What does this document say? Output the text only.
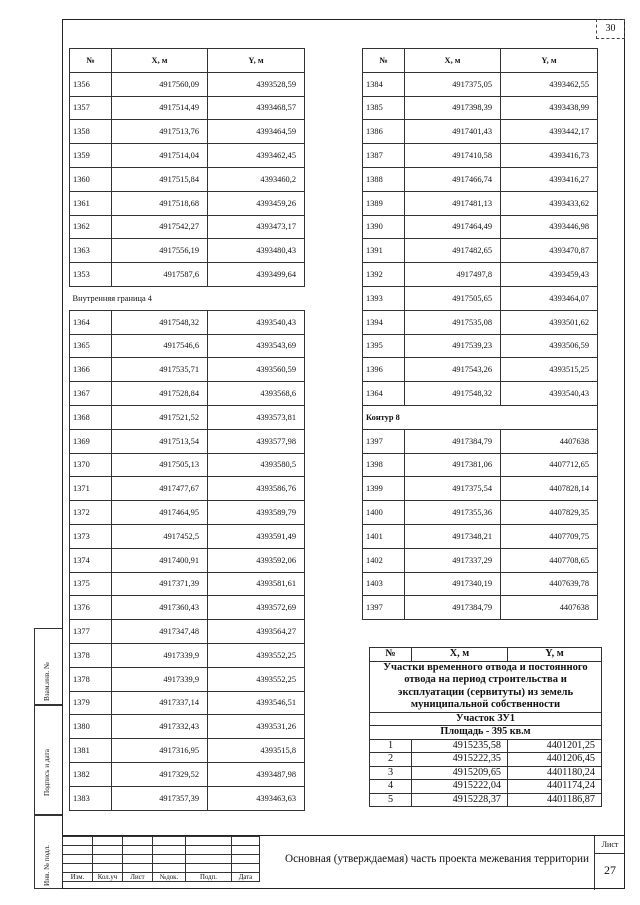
30
№	X, м	Y, м
1356	4917560,09	4393528,59
1357	4917514,49	4393468,57
1358	4917513,76	4393464,59
1359	4917514,04	4393462,45
1360	4917515,84	4393460,2
1361	4917518,68	4393459,26
1362	4917542,27	4393473,17
1363	4917556,19	4393480,43
1353	4917587,6	4393499,64
Внутренняя граница 4		
1364	4917548,32	4393540,43
1365	4917546,6	4393543,69
1366	4917535,71	4393560,59
1367	4917528,84	4393568,6
1368	4917521,52	4393573,81
1369	4917513,54	4393577,98
1370	4917505,13	4393580,5
1371	4917477,67	4393586,76
1372	4917464,95	4393589,79
1373	4917452,5	4393591,49
1374	4917400,91	4393592,06
1375	4917371,39	4393581,61
1376	4917360,43	4393572,69
1377	4917347,48	4393564,27
1378	4917339,9	4393552,25
1378	4917339,9	4393552,25
1379	4917337,14	4393546,51
1380	4917332,43	4393531,26
1381	4917316,95	4393515,8
1382	4917329,52	4393487,98
1383	4917357,39	4393463,63
№	X, м	Y, м
1384	4917375,05	4393462,55
1385	4917398,39	4393438,99
1386	4917401,43	4393442,17
1387	4917410,58	4393416,73
1388	4917466,74	4393416,27
1389	4917481,13	4393433,62
1390	4917464,49	4393446,98
1391	4917482,65	4393470,87
1392	4917497,8	4393459,43
1393	4917505,65	4393464,07
1394	4917535,08	4393501,62
1395	4917539,23	4393506,59
1396	4917543,26	4393515,25
1364	4917548,32	4393540,43
Контур 8		
1397	4917384,79	4407638
1398	4917381,06	4407712,65
1399	4917375,54	4407828,14
1400	4917355,36	4407829,35
1401	4917348,21	4407709,75
1402	4917337,29	4407708,65
1403	4917340,19	4407639,78
1397	4917384,79	4407638
№	X, м	Y, м
Участки временного отвода и постоянного отвода на период строительства и эксплуатации (сервитуты) из земель муниципальной собственности		
Участок ЗУ1		
Площадь - 395 кв.м		
1	4915235,58	4401201,25
2	4915222,35	4401206,45
3	4915209,65	4401180,24
4	4915222,04	4401174,24
5	4915228,37	4401186,87
Взам.инв. №
Подпись и дата
Инв. № подл.

						Изм.	Кол.уч	Лист	№док.	Подп.	Дата
Основная (утверждаемая) часть проекта межевания территории
Лист
27
